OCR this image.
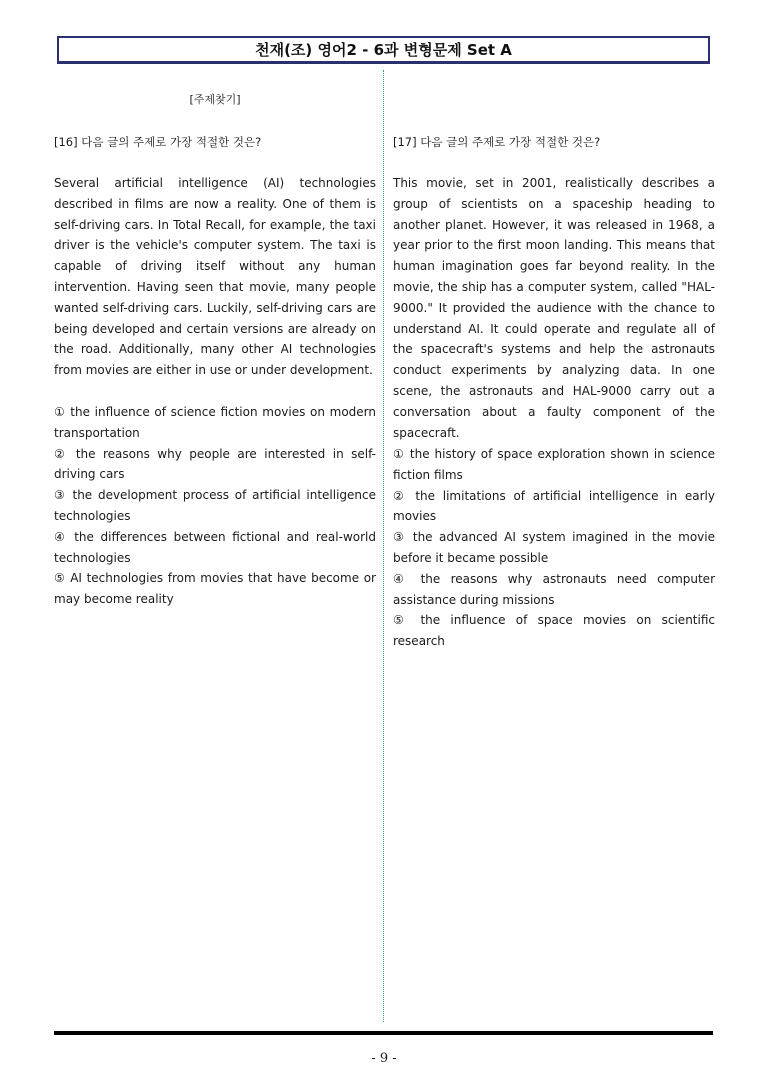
천재(조) 영어2 - 6과 변형문제 Set A
[주제찾기]
[16] 다음 글의 주제로 가장 적절한 것은?

Several artificial intelligence (AI) technologies described in films are now a reality. One of them is self-driving cars. In Total Recall, for example, the taxi driver is the vehicle's computer system. The taxi is capable of driving itself without any human intervention. Having seen that movie, many people wanted self-driving cars. Luckily, self-driving cars are being developed and certain versions are already on the road. Additionally, many other AI technologies from movies are either in use or under development.

① the influence of science fiction movies on modern transportation
② the reasons why people are interested in self-driving cars
③ the development process of artificial intelligence technologies
④ the differences between fictional and real-world technologies
⑤ AI technologies from movies that have become or may become reality
[17] 다음 글의 주제로 가장 적절한 것은?

This movie, set in 2001, realistically describes a group of scientists on a spaceship heading to another planet. However, it was released in 1968, a year prior to the first moon landing. This means that human imagination goes far beyond reality. In the movie, the ship has a computer system, called "HAL-9000." It provided the audience with the chance to understand AI. It could operate and regulate all of the spacecraft's systems and help the astronauts conduct experiments by analyzing data. In one scene, the astronauts and HAL-9000 carry out a conversation about a faulty component of the spacecraft.

① the history of space exploration shown in science fiction films
② the limitations of artificial intelligence in early movies
③ the advanced AI system imagined in the movie before it became possible
④ the reasons why astronauts need computer assistance during missions
⑤ the influence of space movies on scientific research
- 9 -
